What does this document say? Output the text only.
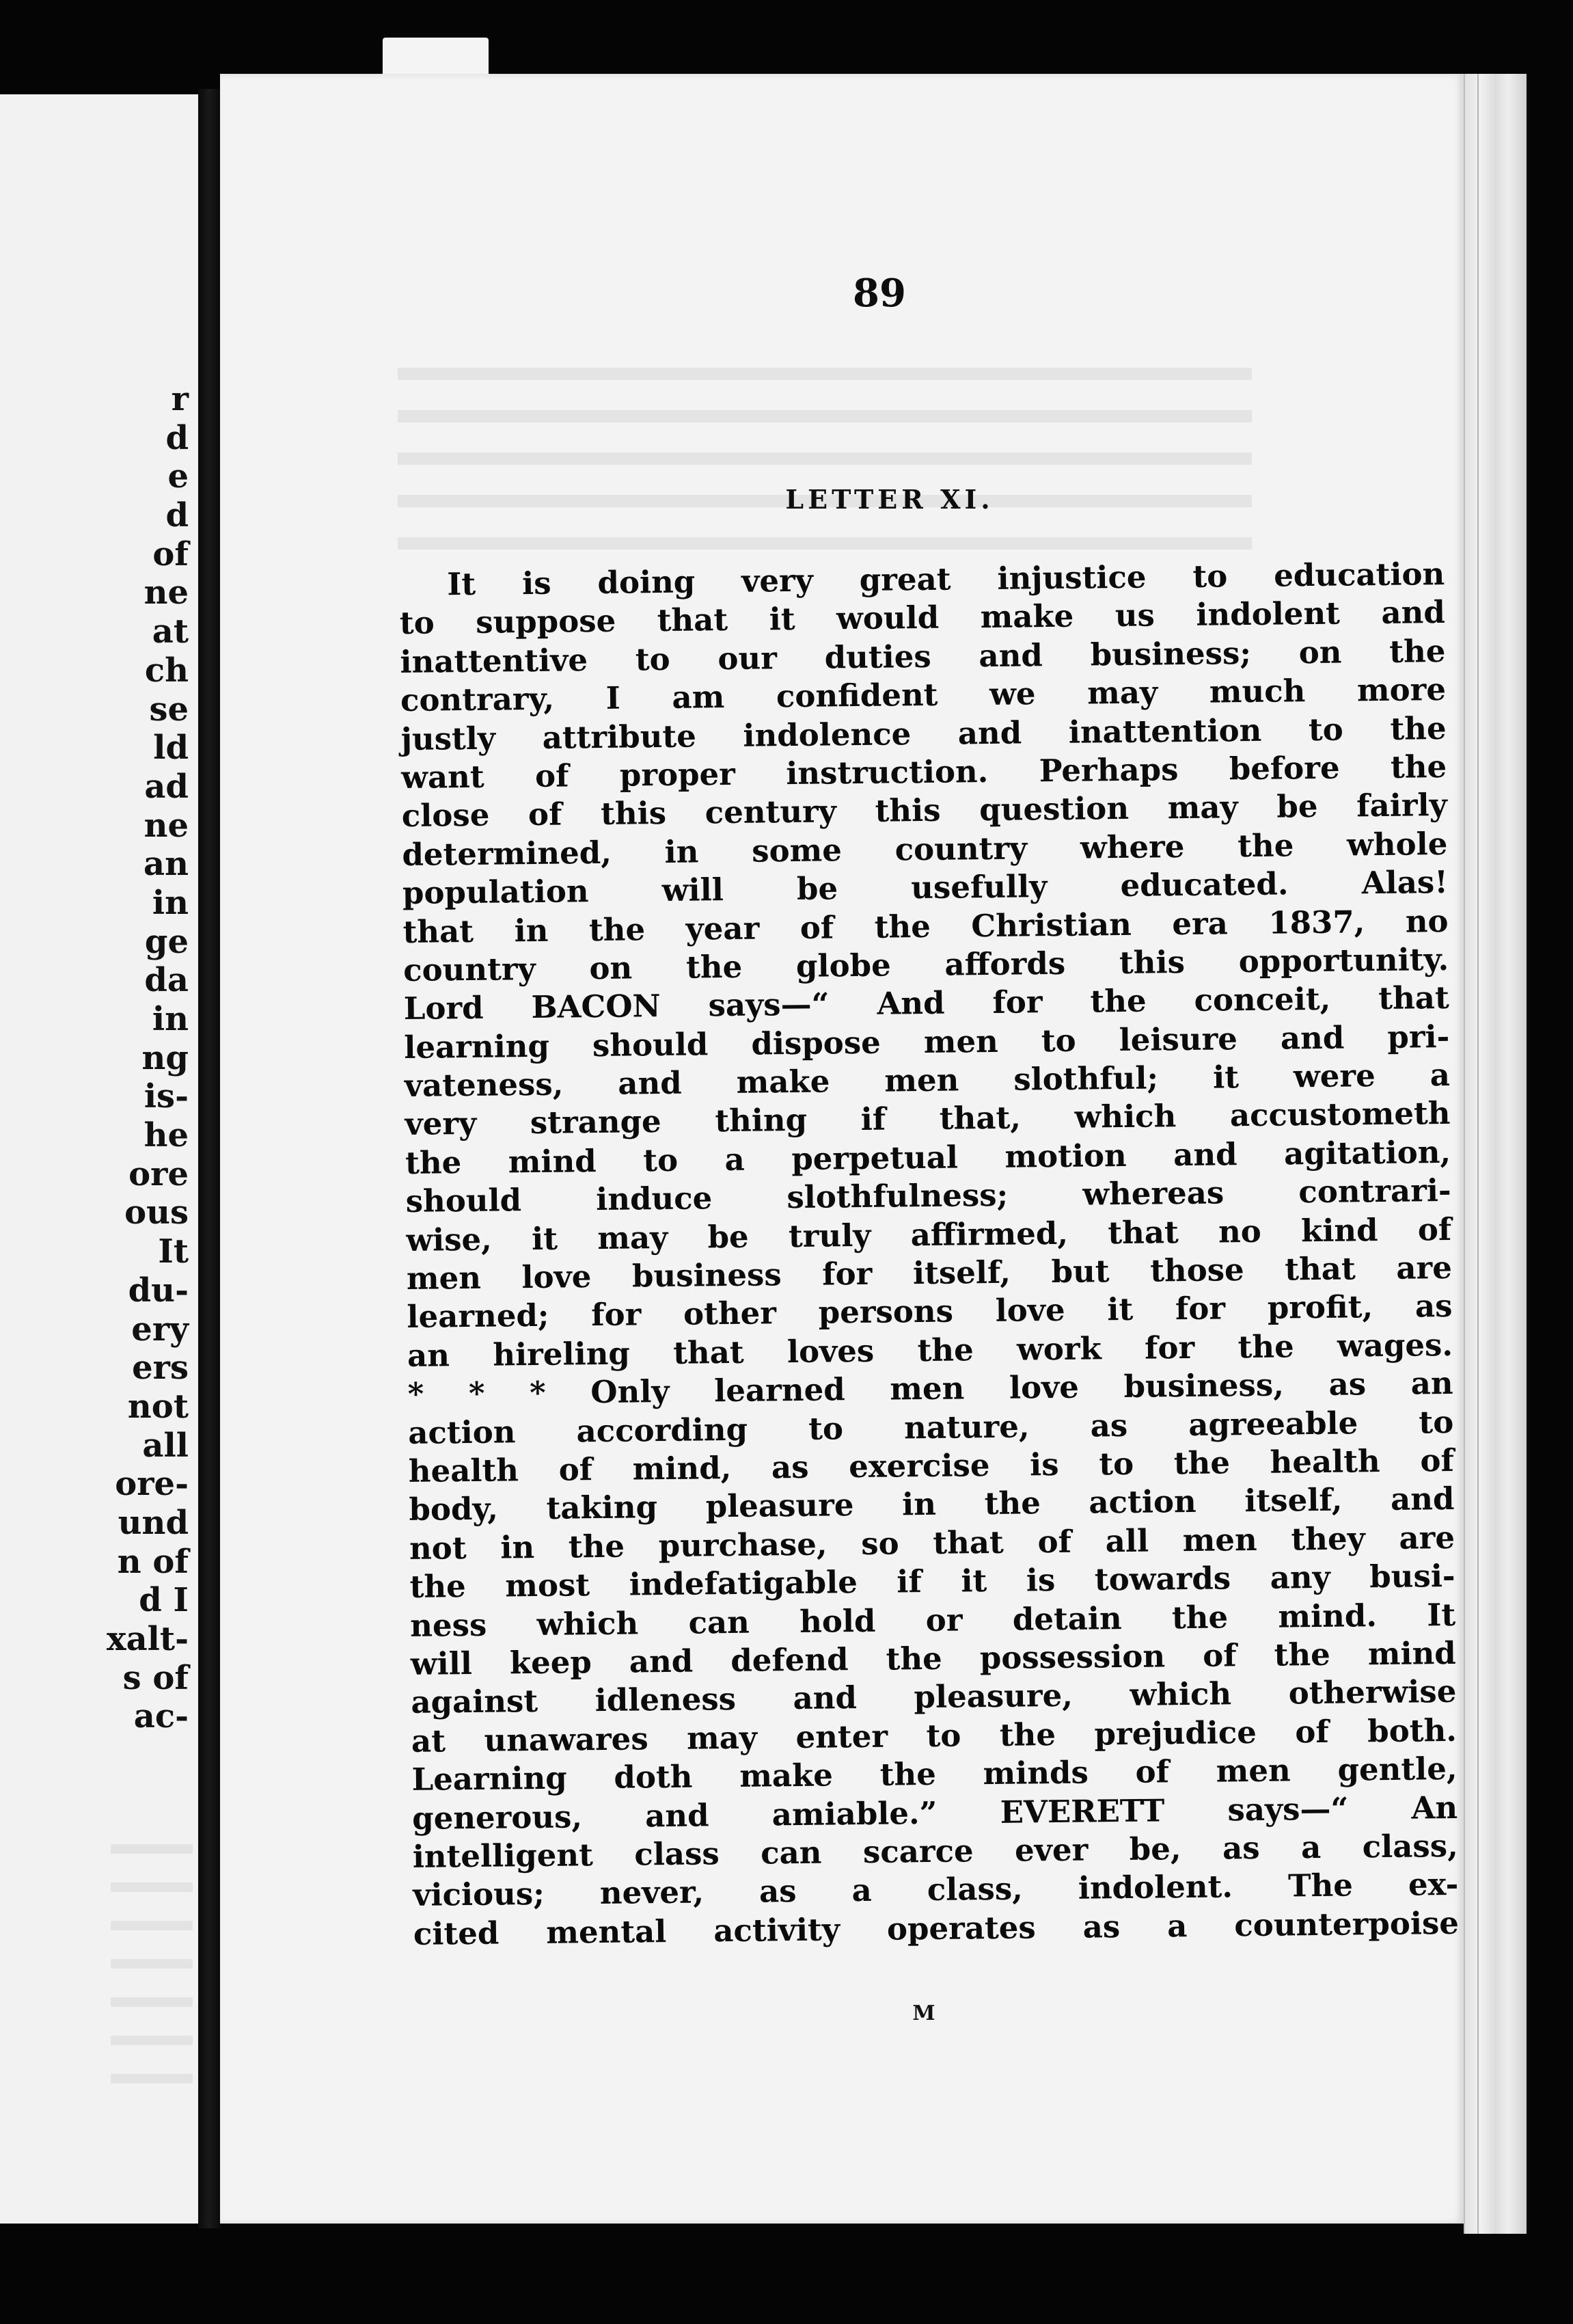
r
d
e
d
of
ne
at
ch
se
ld
ad
ne
an
in
ge
da
in
ng
is-
he
ore
ous
It
du-
ery
ers
not
all
ore-
und
n of
d I
xalt-
s of
ac-
89
LETTER XI.
It is doing very great injustice to education
to suppose that it would make us indolent and
inattentive to our duties and business; on the
contrary, I am confident we may much more
justly attribute indolence and inattention to the
want of proper instruction. Perhaps before the
close of this century this question may be fairly
determined, in some country where the whole
population will be usefully educated. Alas!
that in the year of the Christian era 1837, no
country on the globe affords this opportunity.
Lord BACON says—“ And for the conceit, that
learning should dispose men to leisure and pri-
vateness, and make men slothful; it were a
very strange thing if that, which accustometh
the mind to a perpetual motion and agitation,
should induce slothfulness; whereas contrari-
wise, it may be truly affirmed, that no kind of
men love business for itself, but those that are
learned; for other persons love it for profit, as
an hireling that loves the work for the wages.
* * * Only learned men love business, as an
action according to nature, as agreeable to
health of mind, as exercise is to the health of
body, taking pleasure in the action itself, and
not in the purchase, so that of all men they are
the most indefatigable if it is towards any busi-
ness which can hold or detain the mind. It
will keep and defend the possession of the mind
against idleness and pleasure, which otherwise
at unawares may enter to the prejudice of both.
Learning doth make the minds of men gentle,
generous, and amiable.” EVERETT says—“ An
intelligent class can scarce ever be, as a class,
vicious; never, as a class, indolent. The ex-
cited mental activity operates as a counterpoise
M
